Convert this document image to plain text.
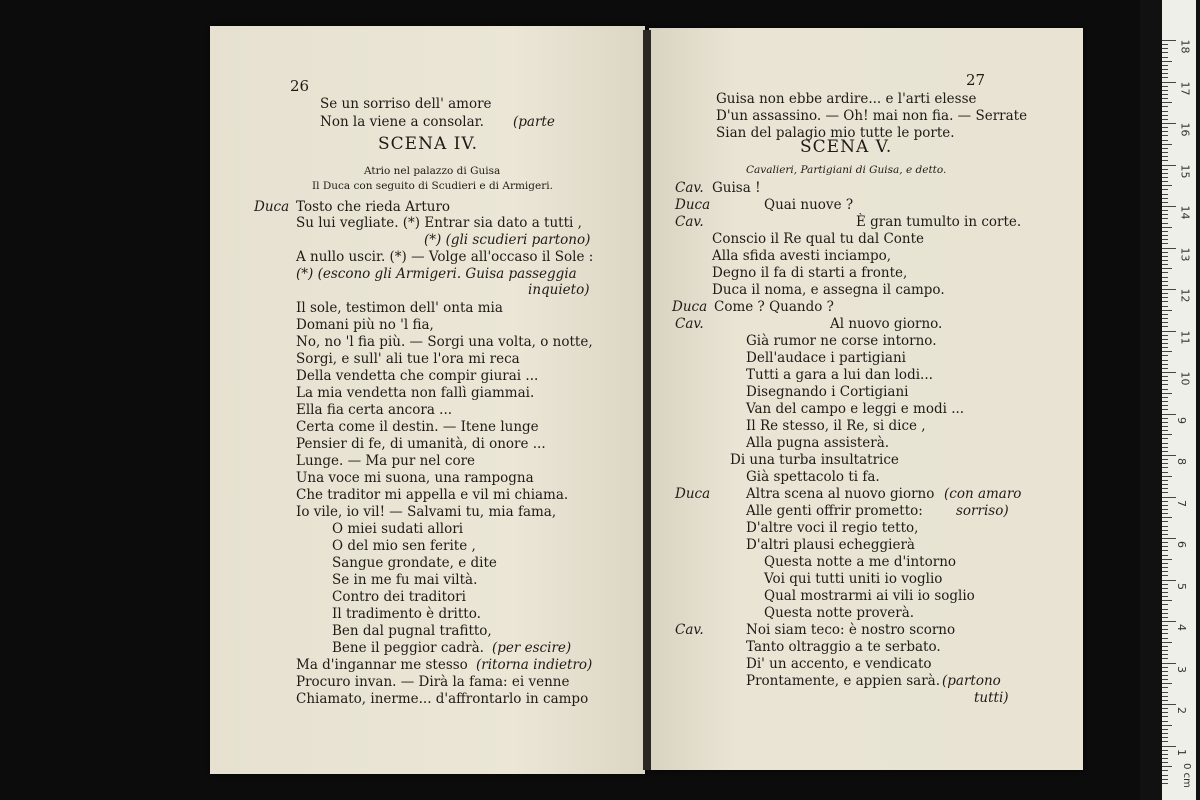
26
Se un sorriso dell' amore
Non la viene a consolar. (parte
SCENA IV.
Atrio nel palazzo di Guisa
Il Duca con seguito di Scudieri e di Armigeri.
Duca Tosto che rieda Arturo
Su lui vegliate. (*) Entrar sia dato a tutti ,
(*) (gli scudieri partono)
A nullo uscir. (*) — Volge all'occaso il Sole :
(*) (escono gli Armigeri. Guisa passeggia
inquieto)
Il sole, testimon dell' onta mia
Domani più no 'l fia,
No, no 'l fia più. — Sorgi una volta, o notte,
Sorgi, e sull' ali tue l'ora mi reca
Della vendetta che compir giurai ...
La mia vendetta non fallì giammai.
Ella fia certa ancora ...
Certa come il destin. — Itene lunge
Pensier di fe, di umanità, di onore ...
Lunge. — Ma pur nel core
Una voce mi suona, una rampogna
Che traditor mi appella e vil mi chiama.
Io vile, io vil! — Salvami tu, mia fama,
O miei sudati allori
O del mio sen ferite ,
Sangue grondate, e dite
Se in me fu mai viltà.
Contro dei traditori
Il tradimento è dritto.
Ben dal pugnal trafitto,
Bene il peggior cadrà. (per escire)
Ma d'ingannar me stesso (ritorna indietro)
Procuro invan. — Dirà la fama: ei venne
Chiamato, inerme... d'affrontarlo in campo
27
Guisa non ebbe ardire... e l'arti elesse
D'un assassino. — Oh! mai non fia. — Serrate
Sian del palagio mio tutte le porte.
SCENA V.
Cavalieri, Partigiani di Guisa, e detto.
Cav. Guisa !
Duca	Quai nuove ?
Cav.	È gran tumulto in corte.
Conscio il Re qual tu dal Conte
Alla sfida avesti inciampo,
Degno il fa di starti a fronte,
Duca il noma, e assegna il campo.
Duca Come ? Quando ?
Cav.	Al nuovo giorno.
Già rumor ne corse intorno.
Dell'audace i partigiani
Tutti a gara a lui dan lodi...
Disegnando i Cortigiani
Van del campo e leggi e modi ...
Il Re stesso, il Re, si dice ,
Alla pugna assisterà.
Di una turba insultatrice
Già spettacolo ti fa.
Duca	Altra scena al nuovo giorno (con amaro
Alle genti offrir prometto: sorriso)
D'altre voci il regio tetto,
D'altri plausi echeggierà
Questa notte a me d'intorno
Voi qui tutti uniti io voglio
Qual mostrarmi ai vili io soglio
Questa notte proverà.
Cav.	Noi siam teco: è nostro scorno
Tanto oltraggio a te serbato.
Di' un accento, e vendicato
Prontamente, e appien sarà. (partono
tutti)
18
17
16
15
14
13
12
11
10
9
8
7
6
5
4
3
2
1
0 cm
